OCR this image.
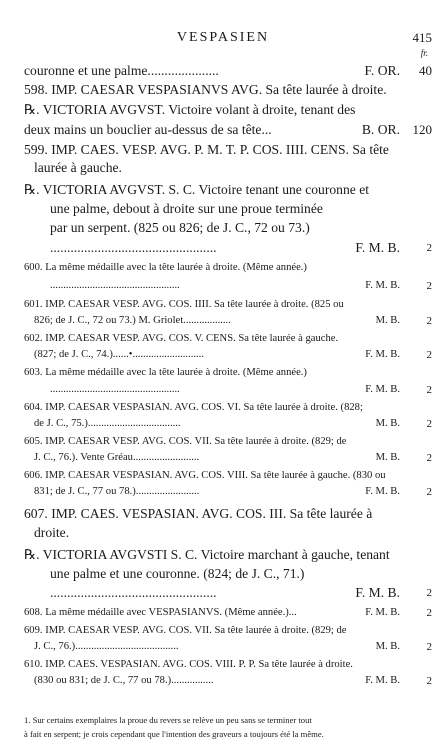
VESPASIEN	415
fr.
couronne et une palme.....................	F. OR. 40
598. IMP. CAESAR VESPASIANVS AVG. Sa tête laurée à droite.
℞. VICTORIA AVGVST. Victoire volant à droite, tenant des
deux mains un bouclier au-dessus de sa tête...	B. OR. 120
599. IMP. CAES. VESP. AVG. P. M. T. P. COS. IIII. CENS. Sa tête
laurée à gauche.
℞. VICTORIA AVGVST. S. C. Victoire tenant une couronne et
une palme, debout à droite sur une proue terminée
par un serpent. (825 ou 826; de J. C., 72 ou 73.)
.................................................	F. M. B. 2
600. La même médaille avec la tête laurée à droite. (Même année.)
.................................................	F. M. B. 2
601. IMP. CAESAR VESP. AVG. COS. IIII. Sa tête laurée à droite. (825 ou
826; de J. C., 72 ou 73.) M. Griolet..................	M. B. 2
602. IMP. CAESAR VESP. AVG. COS. V. CENS. Sa tête laurée à gauche.
(827; de J. C., 74.)......•...........................	F. M. B. 2
603. La même médaille avec la tête laurée à droite. (Même année.)
.................................................	F. M. B. 2
604. IMP. CAESAR VESPASIAN. AVG. COS. VI. Sa tête laurée à droite. (828;
de J. C., 75.)...................................	M. B. 2
605. IMP. CAESAR VESP. AVG. COS. VII. Sa tête laurée à droite. (829; de
J. C., 76.). Vente Gréau.........................	M. B. 2
606. IMP. CAESAR VESPASIAN. AVG. COS. VIII. Sa tête laurée à gauche. (830 ou
831; de J. C., 77 ou 78.)........................	F. M. B. 2
607. IMP. CAES. VESPASIAN. AVG. COS. III. Sa tête laurée à
droite.
℞. VICTORIA AVGVSTI S. C. Victoire marchant à gauche, tenant
une palme et une couronne. (824; de J. C., 71.)
.................................................	F. M. B. 2
608. La même médaille avec VESPASIANVS. (Même année.)...	F. M. B. 2
609. IMP. CAESAR VESP. AVG. COS. VII. Sa tête laurée à droite. (829; de
J. C., 76.).......................................	M. B. 2
610. IMP. CAES. VESPASIAN. AVG. COS. VIII. P. P. Sa tête laurée à droite.
(830 ou 831; de J. C., 77 ou 78.)................	F. M. B. 2
1. Sur certains exemplaires la proue du revers se relève un peu sans se terminer tout
à fait en serpent; je crois cependant que l'intention des graveurs a toujours été la même.
